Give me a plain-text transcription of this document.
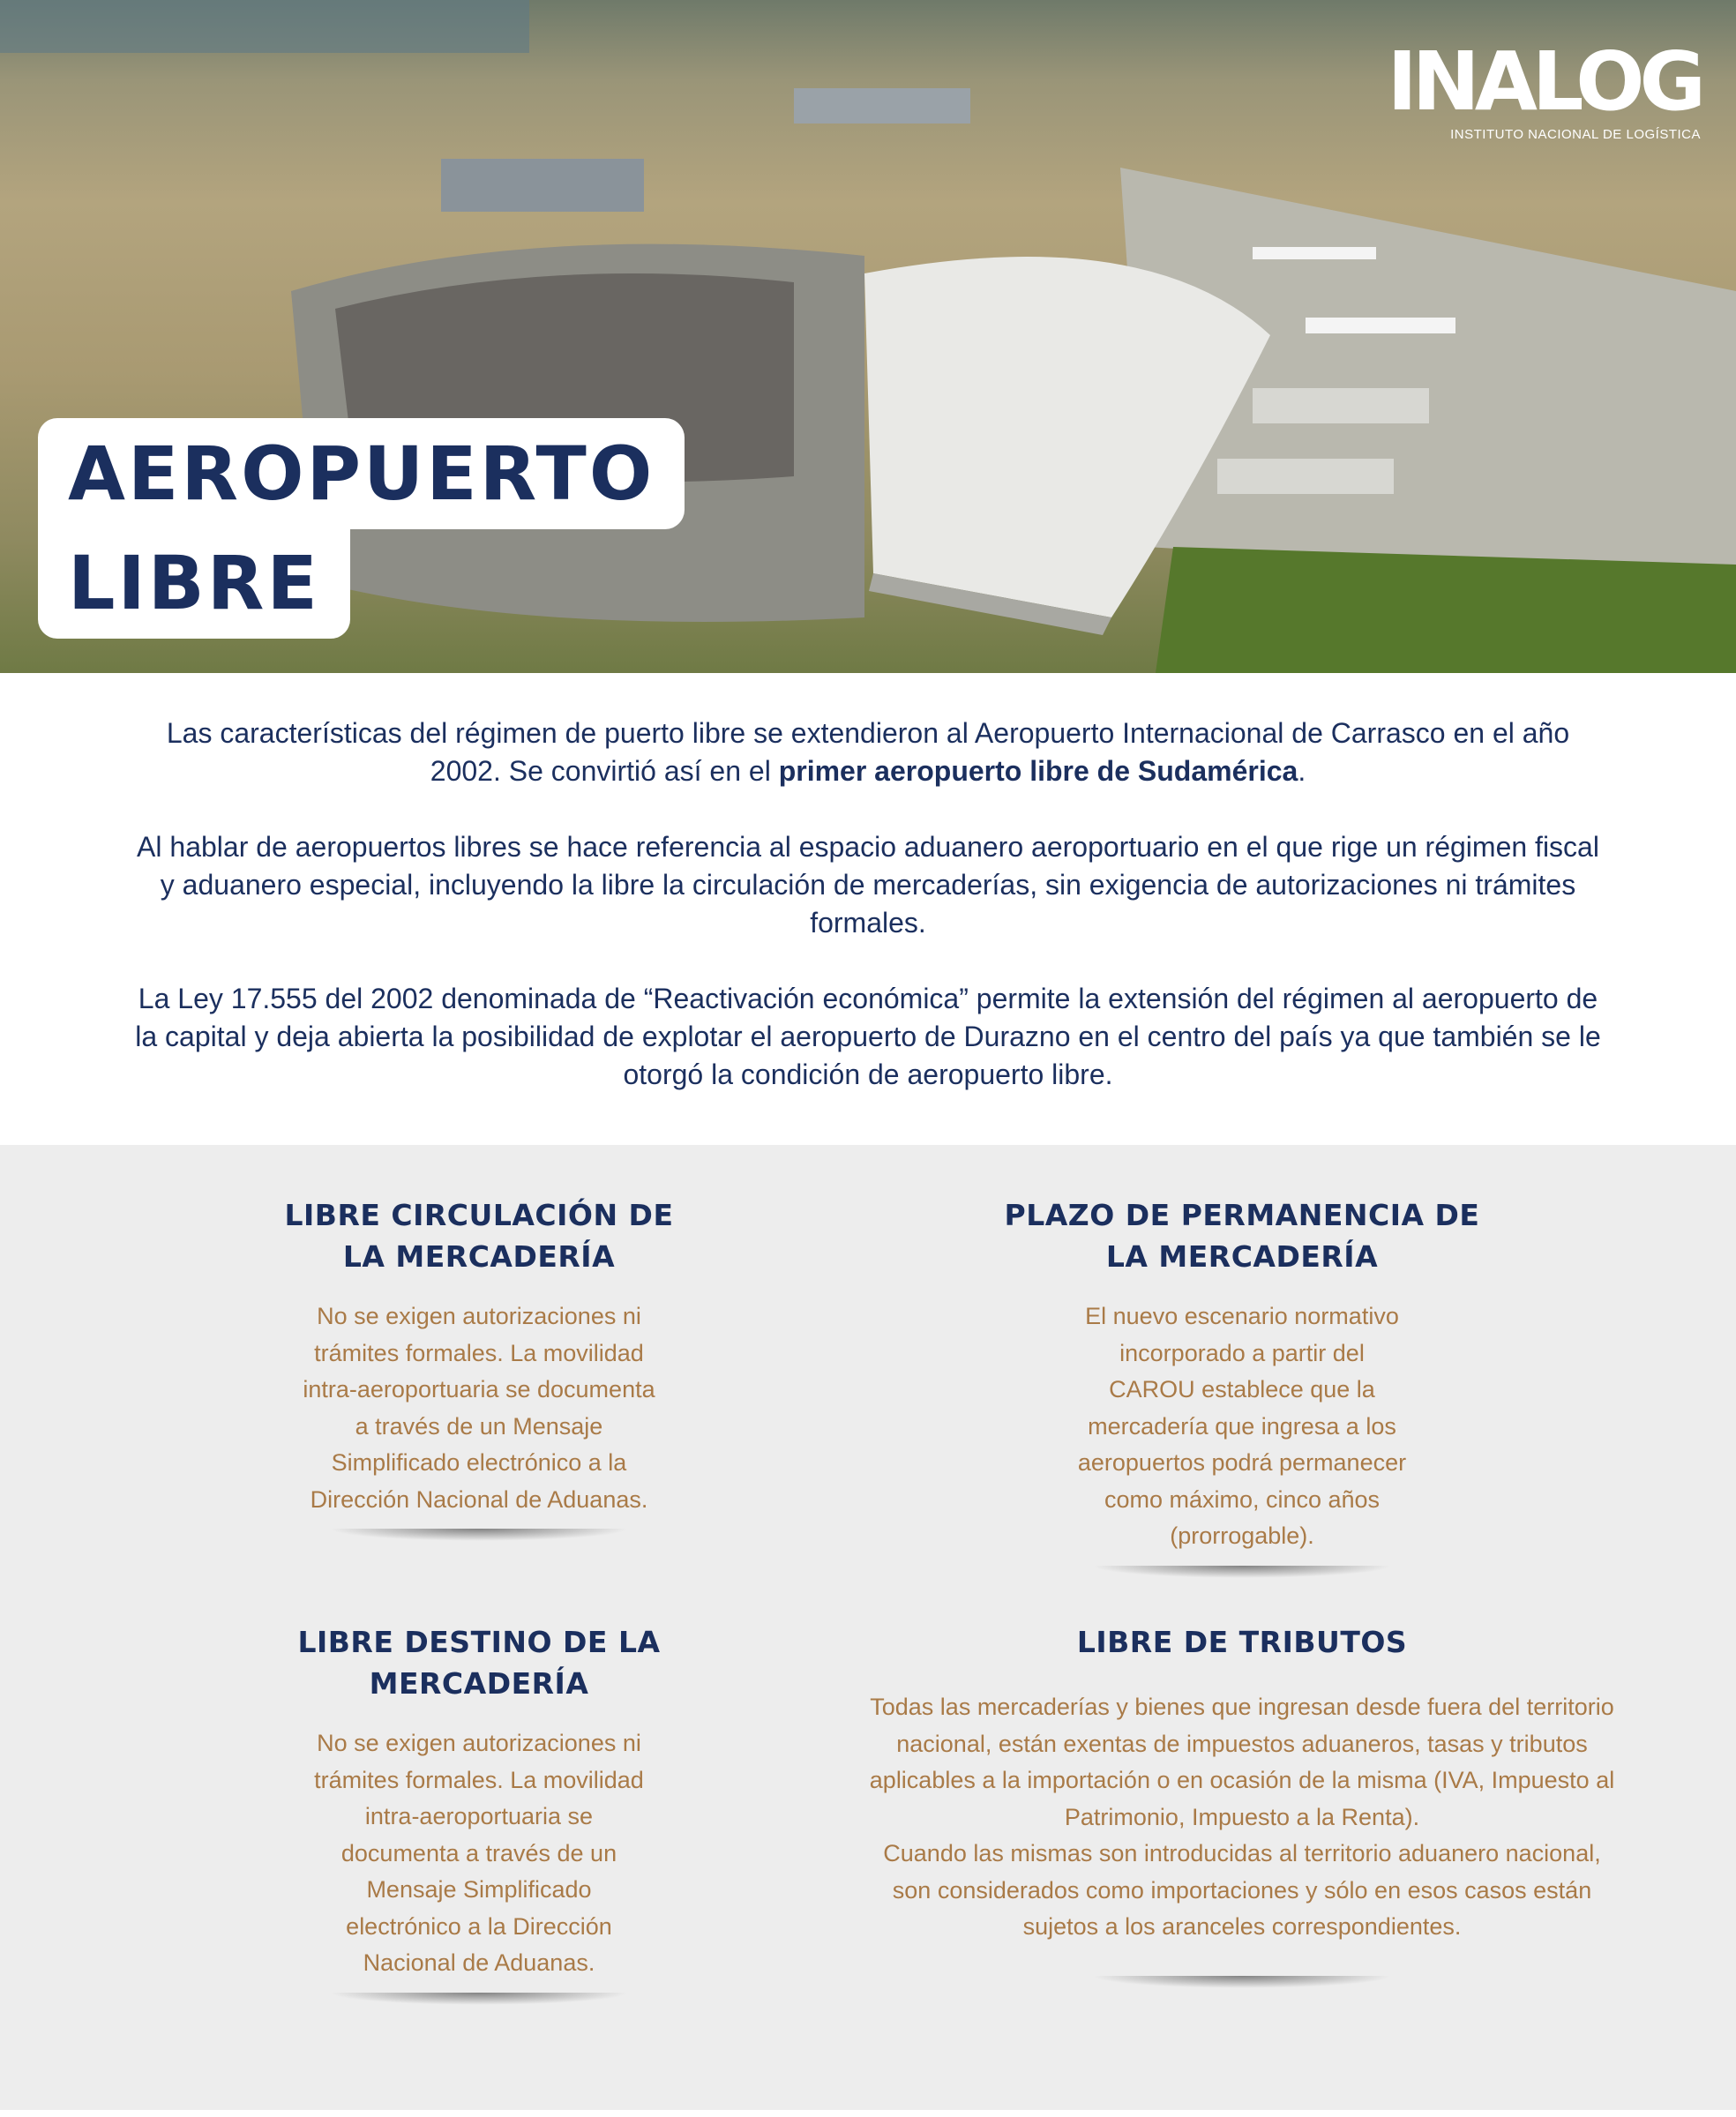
INALOG
INSTITUTO NACIONAL DE LOGÍSTICA
AEROPUERTO
LIBRE

Las características del régimen de puerto libre se extendieron al Aeropuerto Internacional de Carrasco en el año 2002. Se convirtió así en el primer aeropuerto libre de Sudamérica.

Al hablar de aeropuertos libres se hace referencia al espacio aduanero aeroportuario en el que rige un régimen fiscal y aduanero especial, incluyendo la libre la circulación de mercaderías, sin exigencia de autorizaciones ni trámites formales.

La Ley 17.555 del 2002 denominada de “Reactivación económica” permite la extensión del régimen al aeropuerto de la capital y deja abierta la posibilidad de explotar el aeropuerto de Durazno en el centro del país ya que también se le otorgó la condición de aeropuerto libre.

LIBRE CIRCULACIÓN DE LA MERCADERÍA

No se exigen autorizaciones ni trámites formales. La movilidad intra-aeroportuaria se documenta a través de un Mensaje Simplificado electrónico a la Dirección Nacional de Aduanas.

PLAZO DE PERMANENCIA DE LA MERCADERÍA

El nuevo escenario normativo incorporado a partir del CAROU establece que la mercadería que ingresa a los aeropuertos podrá permanecer como máximo, cinco años (prorrogable).

LIBRE DESTINO DE LA MERCADERÍA

No se exigen autorizaciones ni trámites formales. La movilidad intra-aeroportuaria se documenta a través de un Mensaje Simplificado electrónico a la Dirección Nacional de Aduanas.

LIBRE DE TRIBUTOS

Todas las mercaderías y bienes que ingresan desde fuera del territorio nacional, están exentas de impuestos aduaneros, tasas y tributos aplicables a la importación o en ocasión de la misma (IVA, Impuesto al Patrimonio, Impuesto a la Renta).

Cuando las mismas son introducidas al territorio aduanero nacional, son considerados como importaciones y sólo en esos casos están sujetos a los aranceles correspondientes.
